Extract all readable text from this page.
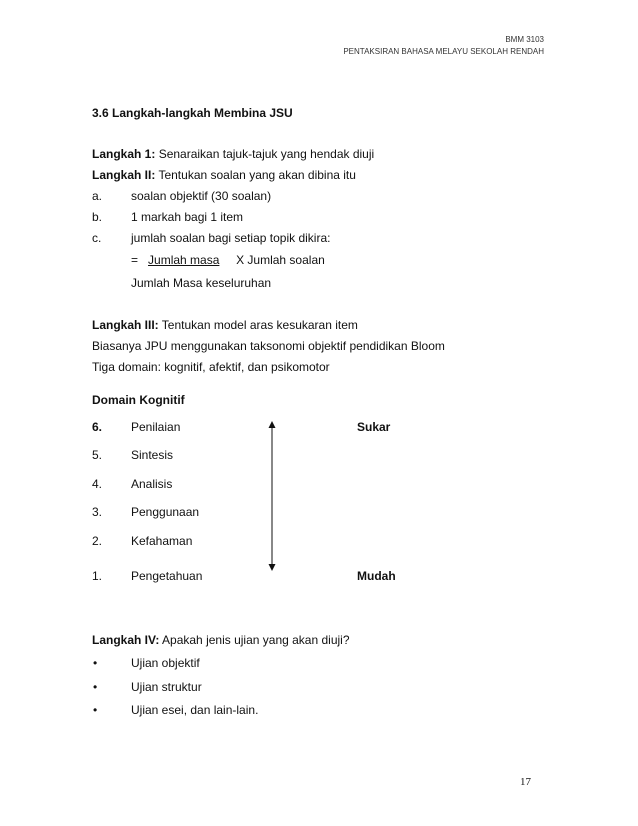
BMM 3103
PENTAKSIRAN BAHASA MELAYU SEKOLAH RENDAH
3.6 Langkah-langkah Membina JSU
Langkah 1: Senaraikan tajuk-tajuk yang hendak diuji
Langkah II: Tentukan soalan yang akan dibina itu
a. soalan objektif (30 soalan)
b. 1 markah bagi 1 item
c. jumlah soalan bagi setiap topik dikira:
= Jumlah masa X Jumlah soalan
Jumlah Masa keseluruhan
Langkah III: Tentukan model aras kesukaran item
Biasanya JPU menggunakan taksonomi objektif pendidikan Bloom
Tiga domain: kognitif, afektif, dan psikomotor
Domain Kognitif
6. Penilaian	Sukar
5. Sintesis
4. Analisis
3. Penggunaan
2. Kefahaman
1. Pengetahuan	Mudah
Langkah IV: Apakah jenis ujian yang akan diuji?
•	Ujian objektif
•	Ujian struktur
•	Ujian esei, dan lain-lain.
17
